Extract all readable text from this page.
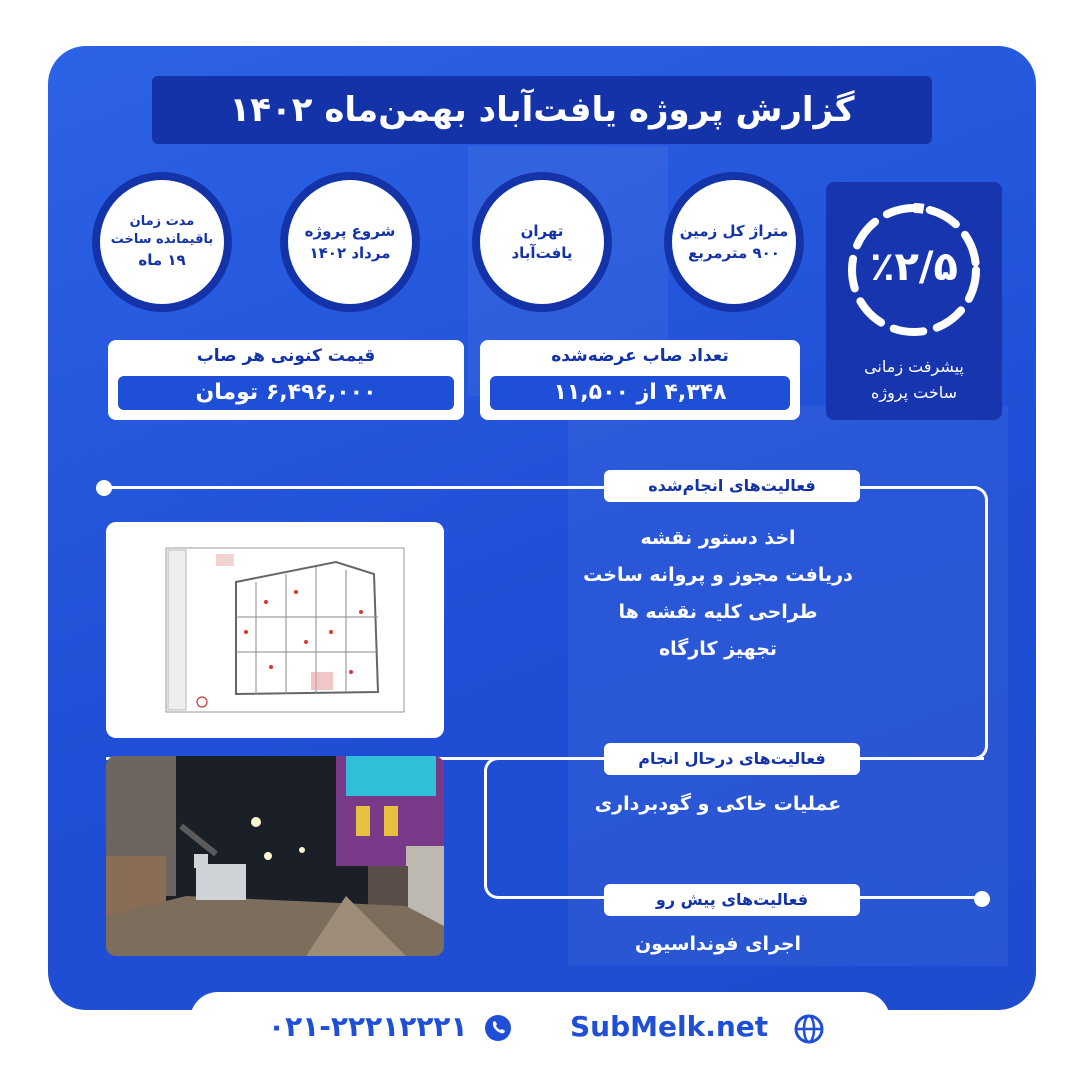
گزارش پروژه یافت‌آباد بهمن‌ماه ۱۴۰۲
٪۲/۵
پیشرفت زمانی
ساخت پروژه
متراژ کل زمین
۹۰۰ مترمربع
تهران
یافت‌آباد
شروع پروژه
مرداد ۱۴۰۲
مدت زمان باقیمانده ساخت
۱۹ ماه
تعداد صاب عرضه‌شده
۴,۳۴۸ از ۱۱,۵۰۰
قیمت کنونی هر صاب
۶,۴۹۶,۰۰۰ تومان
فعالیت‌های انجام‌شده
اخذ دستور نقشه
دریافت مجوز و پروانه ساخت
طراحی کلیه نقشه ها
تجهیز کارگاه
فعالیت‌های درحال انجام
عملیات خاکی و گودبرداری
فعالیت‌های پیش رو
اجرای فونداسیون
۰۲۱-۲۲۲۱۲۲۲۱	SubMelk.net
